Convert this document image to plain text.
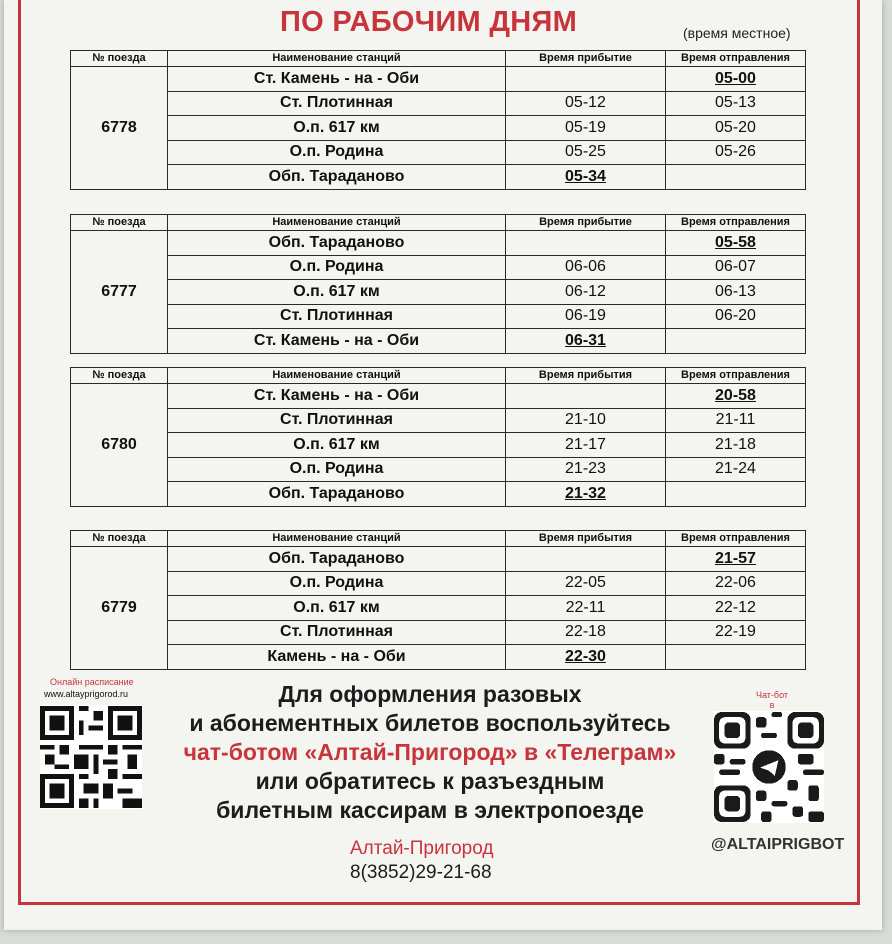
ПО РАБОЧИМ ДНЯМ	(время местное)
№ поезда	Наименование станций	Время прибытие	Время отправления
6778	Ст. Камень - на - Оби		05-00
	Ст. Плотинная	05-12	05-13
	О.п. 617 км	05-19	05-20
	О.п. Родина	05-25	05-26
	Обп. Тараданово	05-34	
№ поезда	Наименование станций	Время прибытие	Время отправления
6777	Обп. Тараданово		05-58
	О.п. Родина	06-06	06-07
	О.п. 617 км	06-12	06-13
	Ст. Плотинная	06-19	06-20
	Ст. Камень - на - Оби	06-31	
№ поезда	Наименование станций	Время прибытия	Время отправления
6780	Ст. Камень - на - Оби		20-58
	Ст. Плотинная	21-10	21-11
	О.п. 617 км	21-17	21-18
	О.п. Родина	21-23	21-24
	Обп. Тараданово	21-32	
№ поезда	Наименование станций	Время прибытия	Время отправления
6779	Обп. Тараданово		21-57
	О.п. Родина	22-05	22-06
	О.п. 617 км	22-11	22-12
	Ст. Плотинная	22-18	22-19
	Камень - на - Оби	22-30	
Онлайн расписание
www.altayprigorod.ru	Чат-бот
в
@ALTAIPRIGBOT
Для оформления разовых
и абонементных билетов воспользуйтесь
чат-ботом «Алтай-Пригород» в «Телеграм»
или обратитесь к разъездным
билетным кассирам в электропоезде
Алтай-Пригород
8(3852)29-21-68
